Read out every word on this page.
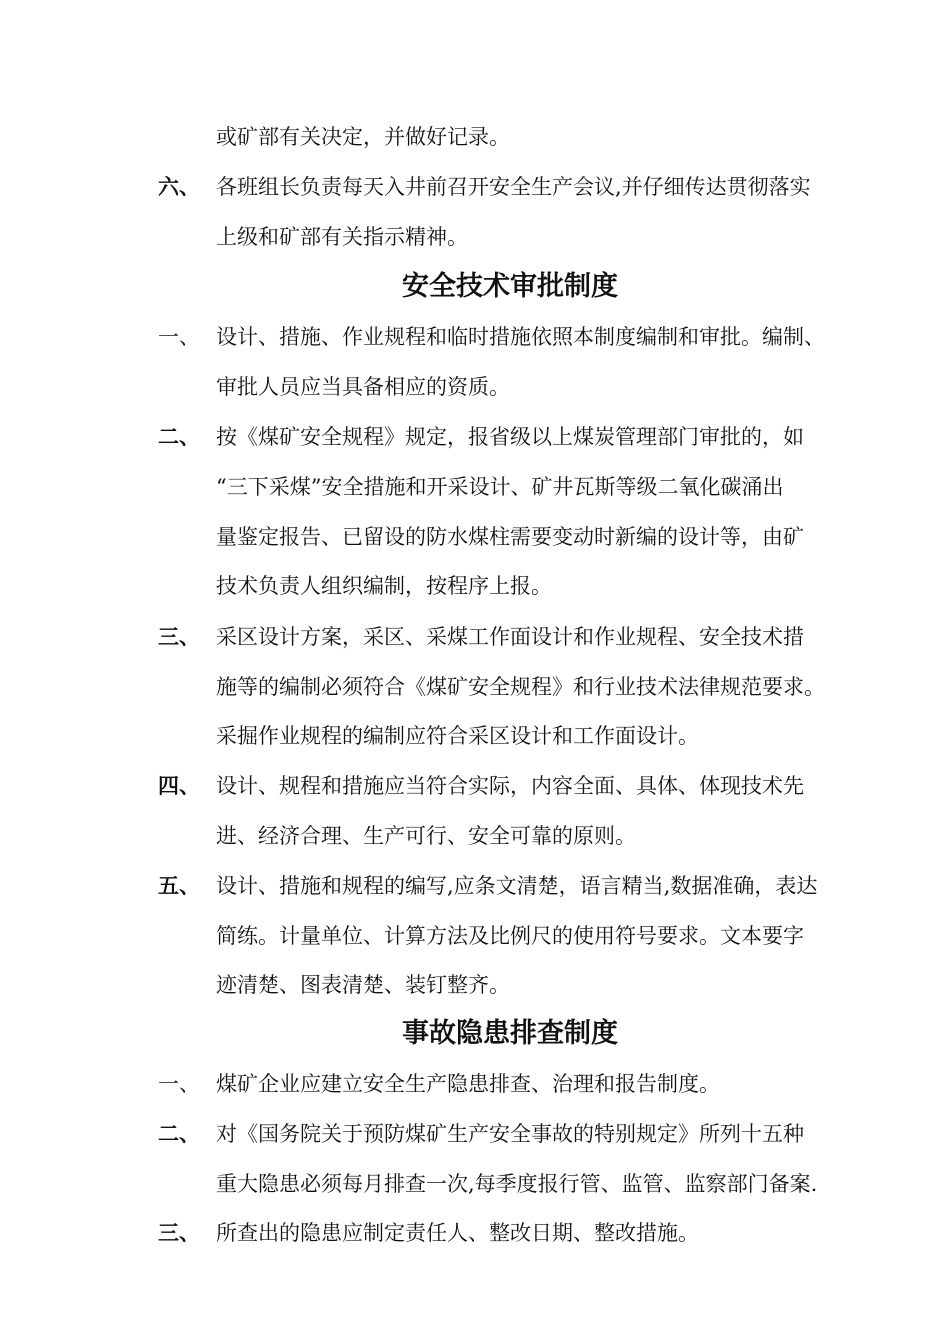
或矿部有关决定，并做好记录。
六、 各班组长负责每天入井前召开安全生产会议,并仔细传达贯彻落实
上级和矿部有关指示精神。
安全技术审批制度
一、 设计、措施、作业规程和临时措施依照本制度编制和审批。编制、
审批人员应当具备相应的资质。
二、 按《煤矿安全规程》规定，报省级以上煤炭管理部门审批的，如
“三下采煤”安全措施和开采设计、矿井瓦斯等级二氧化碳涌出
量鉴定报告、已留设的防水煤柱需要变动时新编的设计等，由矿
技术负责人组织编制，按程序上报。
三、 采区设计方案，采区、采煤工作面设计和作业规程、安全技术措
施等的编制必须符合《煤矿安全规程》和行业技术法律规范要求。
采掘作业规程的编制应符合采区设计和工作面设计。
四、 设计、规程和措施应当符合实际，内容全面、具体、体现技术先
进、经济合理、生产可行、安全可靠的原则。
五、 设计、措施和规程的编写,应条文清楚，语言精当,数据准确，表达
简练。计量单位、计算方法及比例尺的使用符号要求。文本要字
迹清楚、图表清楚、装钉整齐。
事故隐患排查制度
一、 煤矿企业应建立安全生产隐患排查、治理和报告制度。
二、 对《国务院关于预防煤矿生产安全事故的特别规定》所列十五种
重大隐患必须每月排查一次,每季度报行管、监管、监察部门备案.
三、 所查出的隐患应制定责任人、整改日期、整改措施。
